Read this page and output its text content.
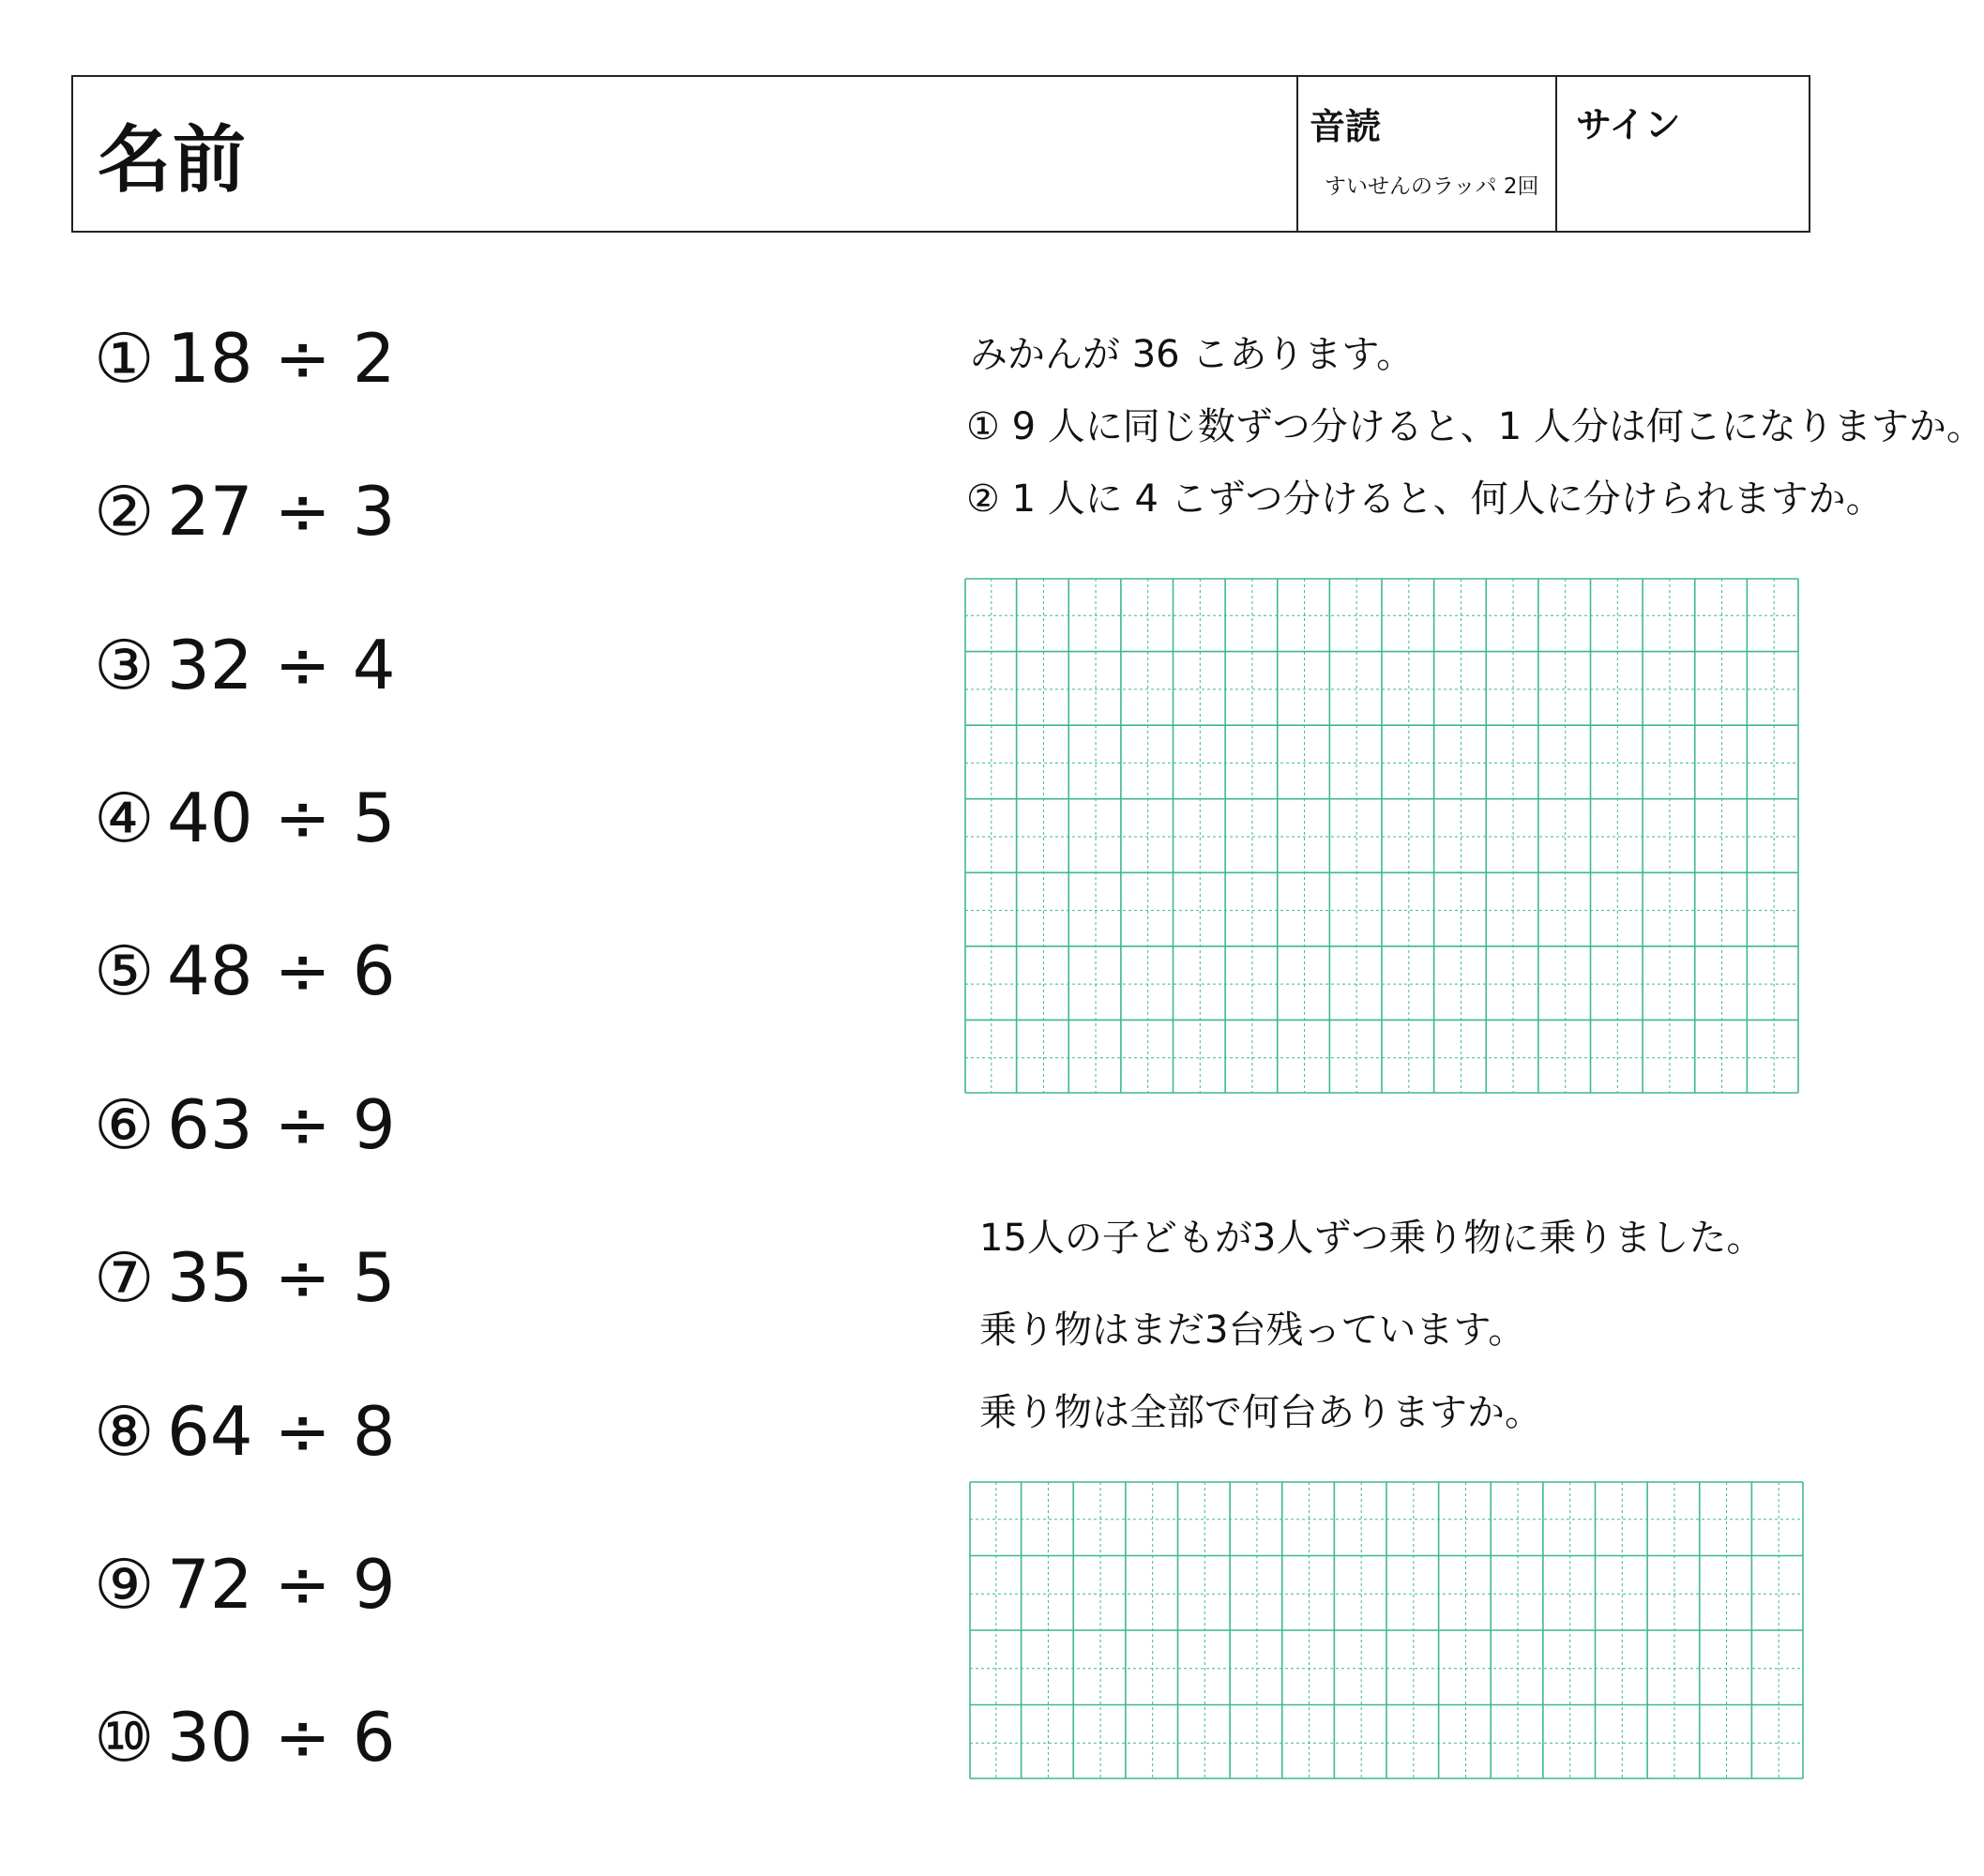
名前	音読
すいせんのラッパ 2回
サイン
① 18 ÷ 2
② 27 ÷ 3
③ 32 ÷ 4
④ 40 ÷ 5
⑤ 48 ÷ 6
⑥ 63 ÷ 9
⑦ 35 ÷ 5
⑧ 64 ÷ 8
⑨ 72 ÷ 9
⑩ 30 ÷ 6
みかんが 36 こあります。
① 9 人に同じ数ずつ分けると、1 人分は何こになりますか。
② 1 人に 4 こずつ分けると、何人に分けられますか。
15人の子どもが3人ずつ乗り物に乗りました。
乗り物はまだ3台残っています。
乗り物は全部で何台ありますか。
